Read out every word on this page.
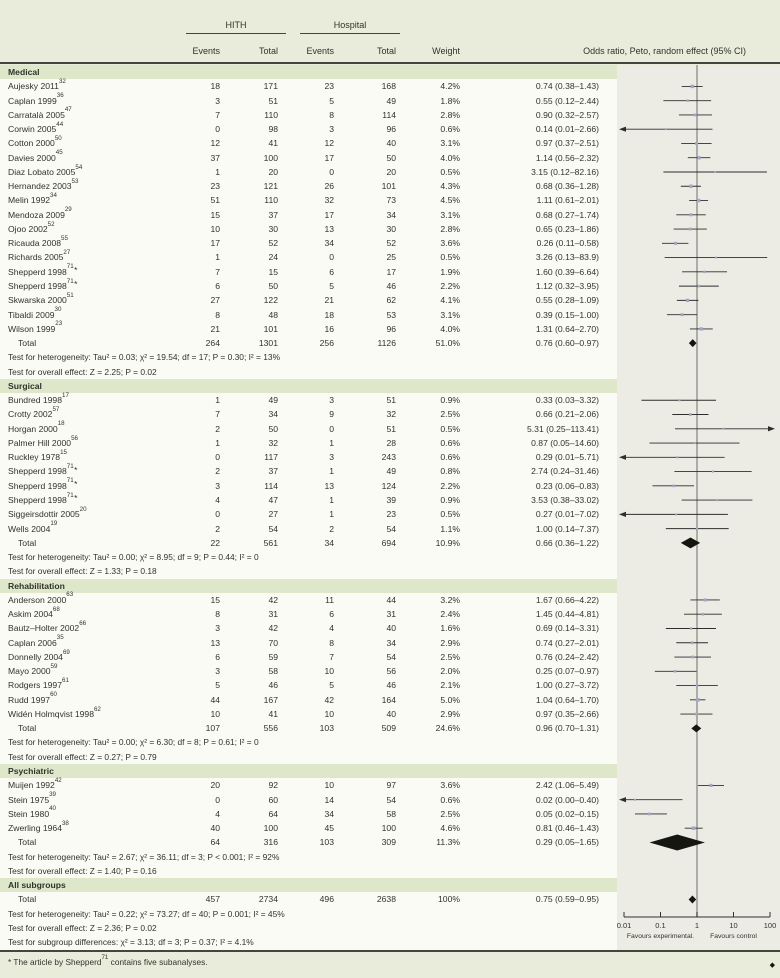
HITH	Hospital
Events	Total	Events	Total	Weight	Odds ratio, Peto, random effect (95% CI)
Medical
Aujesky 2011$^{32}$	18	171	23	168	4.2%	0.74 (0.38–1.43)
Caplan 1999$^{36}$	3	51	5	49	1.8%	0.55 (0.12–2.44)
Carratalà 2005$^{47}$	7	110	8	114	2.8%	0.90 (0.32–2.57)
Corwin 2005$^{44}$	0	98	3	96	0.6%	0.14 (0.01–2.66)
Cotton 2000$^{50}$	12	41	12	40	3.1%	0.97 (0.37–2.51)
Davies 2000$^{45}$	37	100	17	50	4.0%	1.14 (0.56–2.32)
Diaz Lobato 2005$^{54}$	1	20	0	20	0.5%	3.15 (0.12–82.16)
Hernandez 2003$^{53}$	23	121	26	101	4.3%	0.68 (0.36–1.28)
Melin 1992$^{34}$	51	110	32	73	4.5%	1.11 (0.61–2.01)
Mendoza 2009$^{29}$	15	37	17	34	3.1%	0.68 (0.27–1.74)
Ojoo 2002$^{52}$	10	30	13	30	2.8%	0.65 (0.23–1.86)
Ricauda 2008$^{55}$	17	52	34	52	3.6%	0.26 (0.11–0.58)
Richards 2005$^{27}$	1	24	0	25	0.5%	3.26 (0.13–83.9)
Shepperd 1998$^{71}$*	7	15	6	17	1.9%	1.60 (0.39–6.64)
Shepperd 1998$^{71}$*	6	50	5	46	2.2%	1.12 (0.32–3.95)
Skwarska 2000$^{51}$	27	122	21	62	4.1%	0.55 (0.28–1.09)
Tibaldi 2009$^{30}$	8	48	18	53	3.1%	0.39 (0.15–1.00)
Wilson 1999$^{23}$	21	101	16	96	4.0%	1.31 (0.64–2.70)
Total	264	1301	256	1126	51.0%	0.76 (0.60–0.97)
Test for heterogeneity: Tau² = 0.03; χ² = 19.54; df = 17; P = 0.30; I² = 13%
Test for overall effect: Z = 2.25; P = 0.02
Surgical
Bundred 1998$^{17}$	1	49	3	51	0.9%	0.33 (0.03–3.32)
Crotty 2002$^{57}$	7	34	9	32	2.5%	0.66 (0.21–2.06)
Horgan 2000$^{18}$	2	50	0	51	0.5%	5.31 (0.25–113.41)
Palmer Hill 2000$^{56}$	1	32	1	28	0.6%	0.87 (0.05–14.60)
Ruckley 1978$^{15}$	0	117	3	243	0.6%	0.29 (0.01–5.71)
Shepperd 1998$^{71}$*	2	37	1	49	0.8%	2.74 (0.24–31.46)
Shepperd 1998$^{71}$*	3	114	13	124	2.2%	0.23 (0.06–0.83)
Shepperd 1998$^{71}$*	4	47	1	39	0.9%	3.53 (0.38–33.02)
Siggeirsdottir 2005$^{20}$	0	27	1	23	0.5%	0.27 (0.01–7.02)
Wells 2004$^{19}$	2	54	2	54	1.1%	1.00 (0.14–7.37)
Total	22	561	34	694	10.9%	0.66 (0.36–1.22)
Test for heterogeneity: Tau² = 0.00; χ² = 8.95; df = 9; P = 0.44; I² = 0
Test for overall effect: Z = 1.33; P = 0.18
Rehabilitation
Anderson 2000$^{63}$	15	42	11	44	3.2%	1.67 (0.66–4.22)
Askim 2004$^{68}$	8	31	6	31	2.4%	1.45 (0.44–4.81)
Bautz–Holter 2002$^{66}$	3	42	4	40	1.6%	0.69 (0.14–3.31)
Caplan 2006$^{35}$	13	70	8	34	2.9%	0.74 (0.27–2.01)
Donnelly 2004$^{69}$	6	59	7	54	2.5%	0.76 (0.24–2.42)
Mayo 2000$^{59}$	3	58	10	56	2.0%	0.25 (0.07–0.97)
Rodgers 1997$^{61}$	5	46	5	46	2.1%	1.00 (0.27–3.72)
Rudd 1997$^{60}$	44	167	42	164	5.0%	1.04 (0.64–1.70)
Widén Holmqvist 1998$^{62}$	10	41	10	40	2.9%	0.97 (0.35–2.66)
Total	107	556	103	509	24.6%	0.96 (0.70–1.31)
Test for heterogeneity: Tau² = 0.00; χ² = 6.30; df = 8; P = 0.61; I² = 0
Test for overall effect: Z = 0.27; P = 0.79
Psychiatric
Muijen 1992$^{42}$	20	92	10	97	3.6%	2.42 (1.06–5.49)
Stein 1975$^{39}$	0	60	14	54	0.6%	0.02 (0.00–0.40)
Stein 1980$^{40}$	4	64	34	58	2.5%	0.05 (0.02–0.15)
Zwerling 1964$^{38}$	40	100	45	100	4.6%	0.81 (0.46–1.43)
Total	64	316	103	309	11.3%	0.29 (0.05–1.65)
Test for heterogeneity: Tau² = 2.67; χ² = 36.11; df = 3; P < 0.001; I² = 92%
Test for overall effect: Z = 1.40; P = 0.16
All subgroups
Total	457	2734	496	2638	100%	0.75 (0.59–0.95)
Test for heterogeneity: Tau² = 0.22; χ² = 73.27; df = 40; P = 0.001; I² = 45%
Test for overall effect: Z = 2.36; P = 0.02
Test for subgroup differences: χ² = 3.13; df = 3; P = 0.37; I² = 4.1%
0.01	0.1	1	10	100
Favours experimental. Favours control
* The article by Shepperd$^{71}$ contains five subanalyses.	◆
